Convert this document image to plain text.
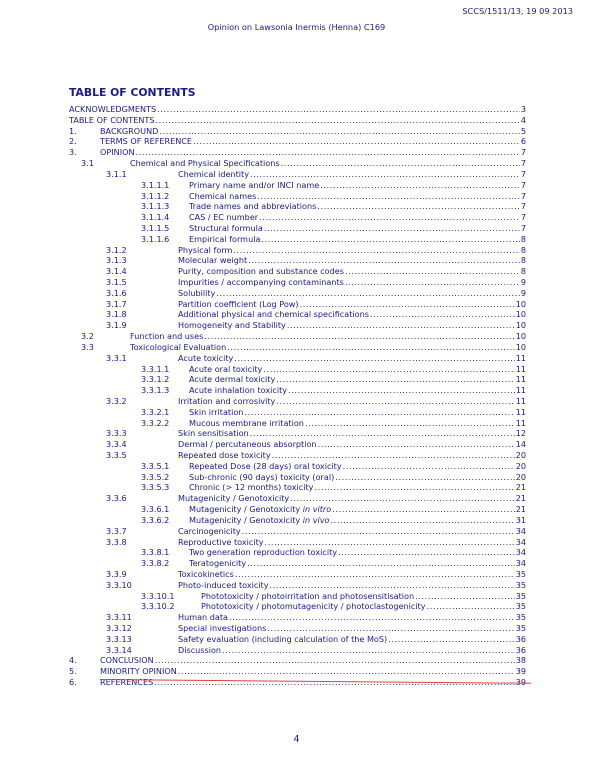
SCCS/1511/13, 19 09 2013
Opinion on Lawsonia Inermis (Henna) C169
TABLE OF CONTENTS
ACKNOWLEDGMENTS .....	3
TABLE OF CONTENTS .....	4
1.	BACKGROUND .....	5
2.	TERMS OF REFERENCE .....	6
3.	OPINION .....	7
3.1	Chemical and Physical Specifications .....	7
3.1.1	Chemical identity .....	7
3.1.1.1 Primary name and/or INCI name .....	7
3.1.1.2 Chemical names .....	7
3.1.1.3 Trade names and abbreviations .....	7
3.1.1.4 CAS / EC number .....	7
3.1.1.5 Structural formula .....	7
3.1.1.6 Empirical formula .....	8
3.1.2	Physical form .....	8
3.1.3	Molecular weight .....	8
3.1.4	Purity, composition and substance codes .....	8
3.1.5	Impurities / accompanying contaminants .....	9
3.1.6	Solubility .....	9
3.1.7	Partition coefficient (Log Pow) .....	10
3.1.8	Additional physical and chemical specifications .....	10
3.1.9	Homogeneity and Stability .....	10
3.2	Function and uses .....	10
3.3	Toxicological Evaluation .....	10
3.3.1	Acute toxicity .....	11
3.3.1.1 Acute oral toxicity .....	11
3.3.1.2 Acute dermal toxicity .....	11
3.3.1.3 Acute inhalation toxicity .....	11
3.3.2	Irritation and corrosivity .....	11
3.3.2.1 Skin irritation .....	11
3.3.2.2 Mucous membrane irritation .....	11
3.3.3	Skin sensitisation .....	12
3.3.4	Dermal / percutaneous absorption .....	14
3.3.5	Repeated dose toxicity .....	20
3.3.5.1 Repeated Dose (28 days) oral toxicity .....	20
3.3.5.2 Sub-chronic (90 days) toxicity (oral) .....	20
3.3.5.3 Chronic (> 12 months) toxicity .....	21
3.3.6	Mutagenicity / Genotoxicity .....	21
3.3.6.1 Mutagenicity / Genotoxicity in vitro .....	21
3.3.6.2 Mutagenicity / Genotoxicity in vivo .....	31
3.3.7	Carcinogenicity .....	34
3.3.8	Reproductive toxicity .....	34
3.3.8.1 Two generation reproduction toxicity .....	34
3.3.8.2 Teratogenicity .....	34
3.3.9	Toxicokinetics .....	35
3.3.10	Photo-induced toxicity .....	35
3.3.10.1	Phototoxicity / photoirritation and photosensitisation .....	35
3.3.10.2	Phototoxicity / photomutagenicity / photoclastogenicity .....	35
3.3.11	Human data .....	35
3.3.12	Special investigations .....	35
3.3.13	Safety evaluation (including calculation of the MoS) .....	36
3.3.14	Discussion .....	36
4.	CONCLUSION .....	38
5.	MINORITY OPINION .....	39
6.	REFERENCES .....	39
4
